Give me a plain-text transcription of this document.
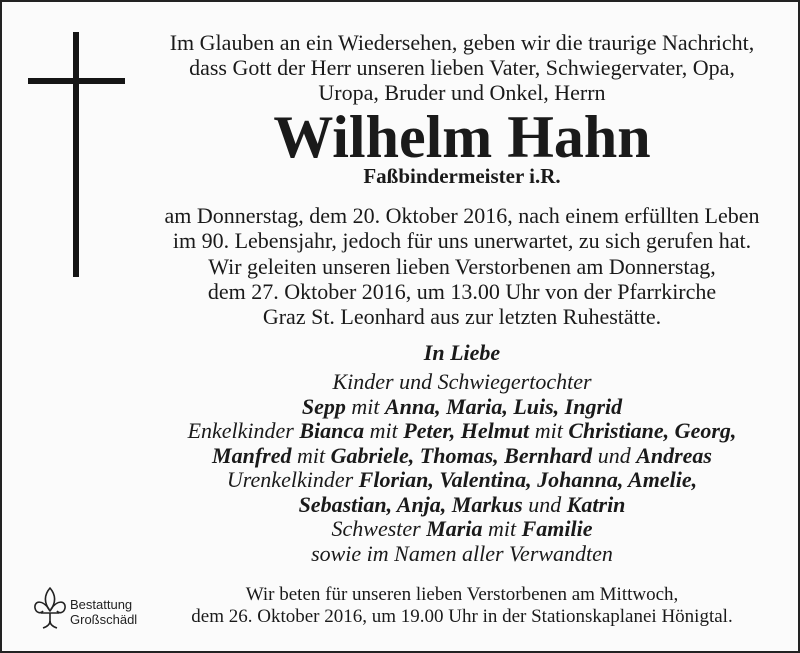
Im Glauben an ein Wiedersehen, geben wir die traurige Nachricht,
dass Gott der Herr unseren lieben Vater, Schwiegervater, Opa,
Uropa, Bruder und Onkel, Herrn
Wilhelm Hahn
Faßbindermeister i.R.
am Donnerstag, dem 20. Oktober 2016, nach einem erfüllten Leben
im 90. Lebensjahr, jedoch für uns unerwartet, zu sich gerufen hat.
Wir geleiten unseren lieben Verstorbenen am Donnerstag,
dem 27. Oktober 2016, um 13.00 Uhr von der Pfarrkirche
Graz St. Leonhard aus zur letzten Ruhestätte.
In Liebe
Kinder und Schwiegertochter
Sepp mit Anna, Maria, Luis, Ingrid
Enkelkinder Bianca mit Peter, Helmut mit Christiane, Georg,
Manfred mit Gabriele, Thomas, Bernhard und Andreas
Urenkelkinder Florian, Valentina, Johanna, Amelie,
Sebastian, Anja, Markus und Katrin
Schwester Maria mit Familie
sowie im Namen aller Verwandten
Wir beten für unseren lieben Verstorbenen am Mittwoch,
dem 26. Oktober 2016, um 19.00 Uhr in der Stationskaplanei Hönigtal.
Bestattung
Großschädl
